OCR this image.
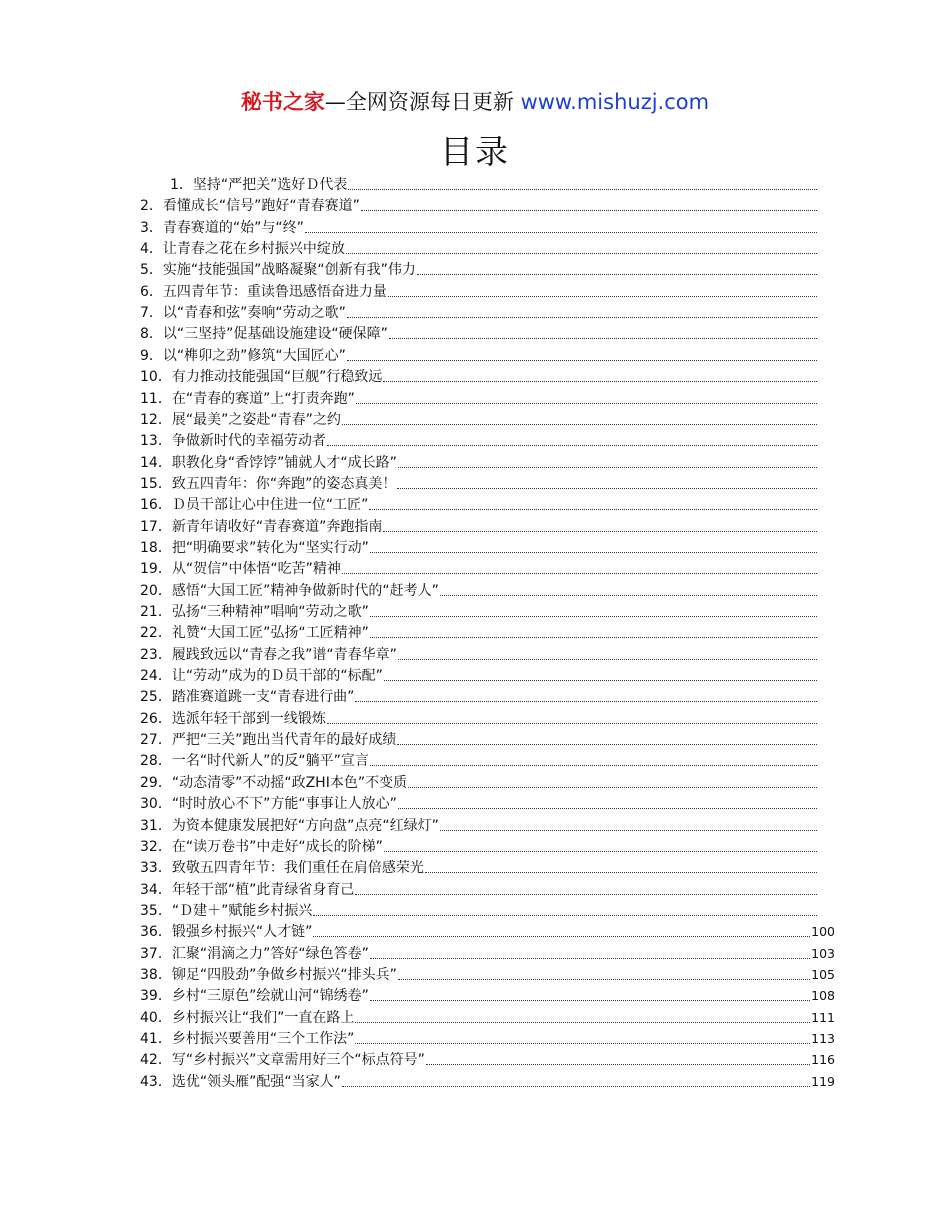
秘书之家—全网资源每日更新 www.mishuzj.com
目录
1．坚持“严把关”选好Ｄ代表
2．看懂成长“信号”跑好“青春赛道”
3．青春赛道的“始”与“终”
4．让青春之花在乡村振兴中绽放
5．实施“技能强国”战略凝聚“创新有我”伟力
6．五四青年节：重读鲁迅感悟奋进力量
7．以“青春和弦”奏响“劳动之歌”
8．以“三坚持”促基础设施建设“硬保障”
9．以“榫卯之劲”修筑“大国匠心”
10．有力推动技能强国“巨舰”行稳致远
11．在“青春的赛道”上“打责奔跑”
12．展“最美”之姿赴“青春”之约
13．争做新时代的幸福劳动者
14．职教化身“香饽饽”铺就人才“成长路”
15．致五四青年：你“奔跑”的姿态真美！
16．Ｄ员干部让心中住进一位“工匠”
17．新青年请收好“青春赛道”奔跑指南
18．把“明确要求”转化为“坚实行动”
19．从“贺信”中体悟“吃苦”精神
20．感悟“大国工匠”精神争做新时代的“赶考人”
21．弘扬“三种精神”唱响“劳动之歌”
22．礼赞“大国工匠”弘扬“工匠精神”
23．履践致远以“青春之我”谱“青春华章”
24．让“劳动”成为的Ｄ员干部的“标配”
25．踏准赛道跳一支“青春进行曲”
26．选派年轻干部到一线锻炼
27．严把“三关”跑出当代青年的最好成绩
28．一名“时代新人”的反“躺平”宣言
29．“动态清零”不动摇“政ZHI本色”不变质
30．“时时放心不下”方能“事事让人放心”
31．为资本健康发展把好“方向盘”点亮“红绿灯”
32．在“读万卷书”中走好“成长的阶梯”
33．致敬五四青年节：我们重任在肩倍感荣光
34．年轻干部“植”此青绿省身育己
35．“Ｄ建＋”赋能乡村振兴
36．锻强乡村振兴“人才链”	100
37．汇聚“涓滴之力”答好“绿色答卷”	103
38．铆足“四股劲”争做乡村振兴“排头兵”	105
39．乡村“三原色”绘就山河“锦绣卷”	108
40．乡村振兴让“我们”一直在路上	111
41．乡村振兴要善用“三个工作法”	113
42．写“乡村振兴”文章需用好三个“标点符号”	116
43．选优“领头雁”配强“当家人”	119
